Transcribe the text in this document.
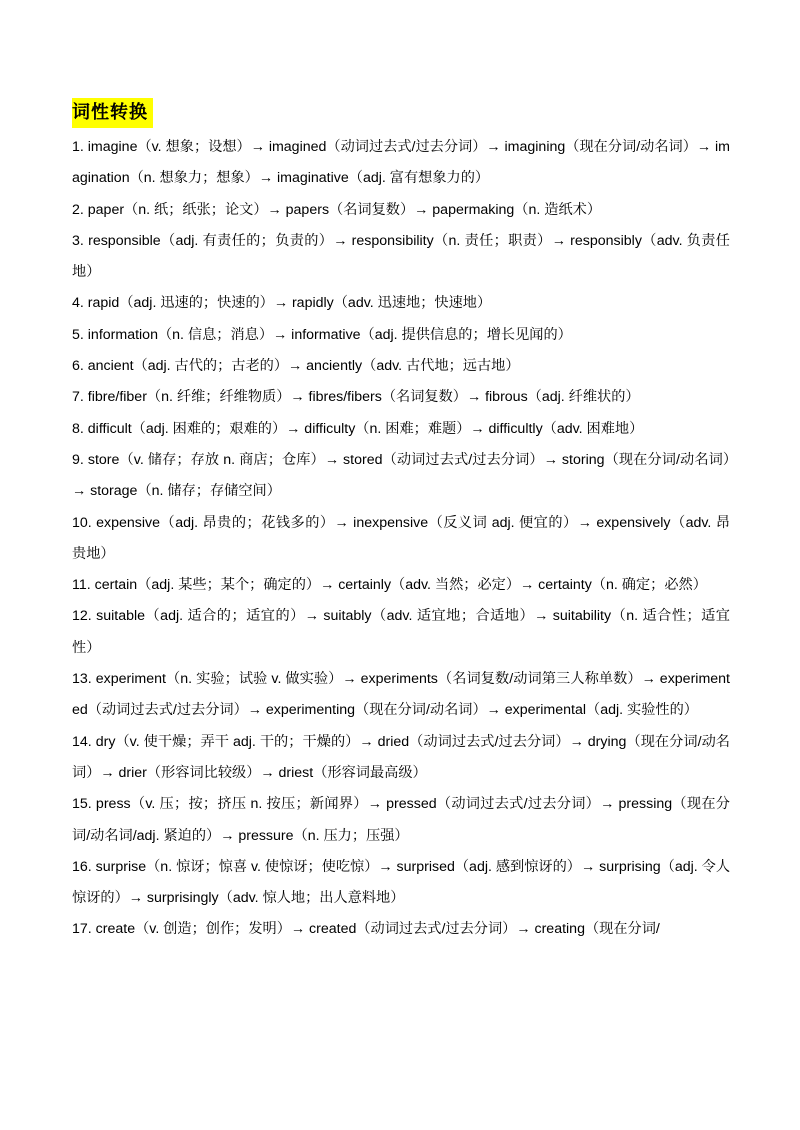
词性转换
1. imagine（v. 想象；设想）→ imagined（动词过去式/过去分词）→ imagining（现在分词/动名词）→ imagination（n. 想象力；想象）→ imaginative（adj. 富有想象力的）
2. paper（n. 纸；纸张；论文）→ papers（名词复数）→ papermaking（n. 造纸术）
3. responsible（adj. 有责任的；负责的）→ responsibility（n. 责任；职责）→ responsibly（adv. 负责任地）
4. rapid（adj. 迅速的；快速的）→ rapidly（adv. 迅速地；快速地）
5. information（n. 信息；消息）→ informative（adj. 提供信息的；增长见闻的）
6. ancient（adj. 古代的；古老的）→ anciently（adv. 古代地；远古地）
7. fibre/fiber（n. 纤维；纤维物质）→ fibres/fibers（名词复数）→ fibrous（adj. 纤维状的）
8. difficult（adj. 困难的；艰难的）→ difficulty（n. 困难；难题）→ difficultly（adv. 困难地）
9. store（v. 储存；存放 n. 商店；仓库）→ stored（动词过去式/过去分词）→ storing（现在分词/动名词）→ storage（n. 储存；存储空间）
10. expensive（adj. 昂贵的；花钱多的）→ inexpensive（反义词 adj. 便宜的）→ expensively（adv. 昂贵地）
11. certain（adj. 某些；某个；确定的）→ certainly（adv. 当然；必定）→ certainty（n. 确定；必然）
12. suitable（adj. 适合的；适宜的）→ suitably（adv. 适宜地；合适地）→ suitability（n. 适合性；适宜性）
13. experiment（n. 实验；试验 v. 做实验）→ experiments（名词复数/动词第三人称单数）→ experimented（动词过去式/过去分词）→ experimenting（现在分词/动名词）→ experimental（adj. 实验性的）
14. dry（v. 使干燥；弄干 adj. 干的；干燥的）→ dried（动词过去式/过去分词）→ drying（现在分词/动名词）→ drier（形容词比较级）→ driest（形容词最高级）
15. press（v. 压；按；挤压 n. 按压；新闻界）→ pressed（动词过去式/过去分词）→ pressing（现在分词/动名词/adj. 紧迫的）→ pressure（n. 压力；压强）
16. surprise（n. 惊讶；惊喜 v. 使惊讶；使吃惊）→ surprised（adj. 感到惊讶的）→ surprising（adj. 令人惊讶的）→ surprisingly（adv. 惊人地；出人意料地）
17. create（v. 创造；创作；发明）→ created（动词过去式/过去分词）→ creating（现在分词/
